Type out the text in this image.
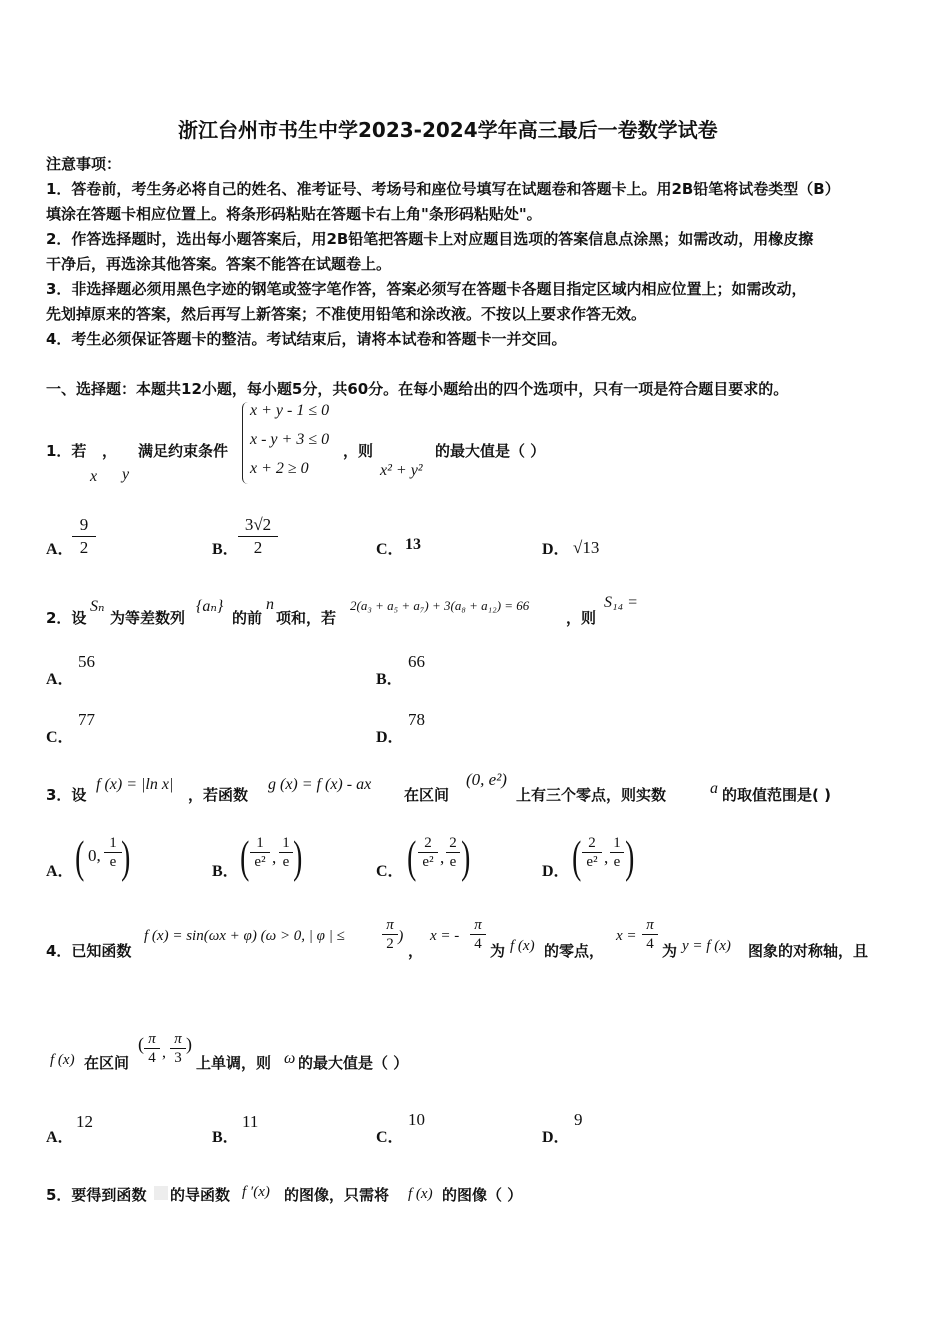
浙江台州市书生中学2023-2024学年高三最后一卷数学试卷
注意事项：
1．答卷前，考生务必将自己的姓名、准考证号、考场号和座位号填写在试题卷和答题卡上。用2B铅笔将试卷类型（B）
填涂在答题卡相应位置上。将条形码粘贴在答题卡右上角"条形码粘贴处"。
2．作答选择题时，选出每小题答案后，用2B铅笔把答题卡上对应题目选项的答案信息点涂黑；如需改动，用橡皮擦
干净后，再选涂其他答案。答案不能答在试题卷上。
3．非选择题必须用黑色字迹的钢笔或签字笔作答，答案必须写在答题卡各题目指定区域内相应位置上；如需改动，
先划掉原来的答案，然后再写上新答案；不准使用铅笔和涂改液。不按以上要求作答无效。
4．考生必须保证答题卡的整洁。考试结束后，请将本试卷和答题卡一并交回。
一、选择题：本题共12小题，每小题5分，共60分。在每小题给出的四个选项中，只有一项是符合题目要求的。
1．若 ，
x y
满足约束条件
x + y - 1 ≤ 0
x - y + 3 ≤ 0
x + 2 ≥ 0
，则
x² + y²
的最大值是（ ）
A．
$\frac{9}{2}$	B． $\frac{3√2}{2}$	C． 13	D． √13
2．设
Sₙ
为等差数列
{aₙ}
的前
n
项和，若
2(a₃ + a₅ + a₇) + 3(a₈ + a₁₂) = 66
，则
S₁₄ =
A．
56
B．
66
C．
77
D．
78
3．设
f (x) = |ln x|
，若函数
g (x) = f (x) - ax
在区间
(0, e²)
上有三个零点，则实数	a 的取值范围是( )
A． ( 0, $\frac{1}{e}$ )	B． ( $\frac{1}{\text{e²}}$ , $\frac{1}{e}$ )	C． ( $\frac{2}{\text{e²}}$ , $\frac{2}{e}$ )	D． ( $\frac{2}{\text{e²}}$ , $\frac{1}{e}$ )
4．已知函数
f (x) = sin(ωx + φ) (ω > 0, | φ | ≤ $\frac{\pi}{2}$ )
，
x = - $\frac{\pi}{4}$ 为 f (x) 的零点，
$x = \frac{\pi}{4}$ 为 y = f (x) 图象的对称轴，且
f (x) 在区间
( $\frac{\pi}{4}$ , $\frac{\pi}{3}$ )
上单调，则 ω 的最大值是（ ）
A．
12
B．
11
C．
10
D．
9
5．要得到函数 的导函数 f ′(x) 的图像，只需将 f (x) 的图像（ ）
